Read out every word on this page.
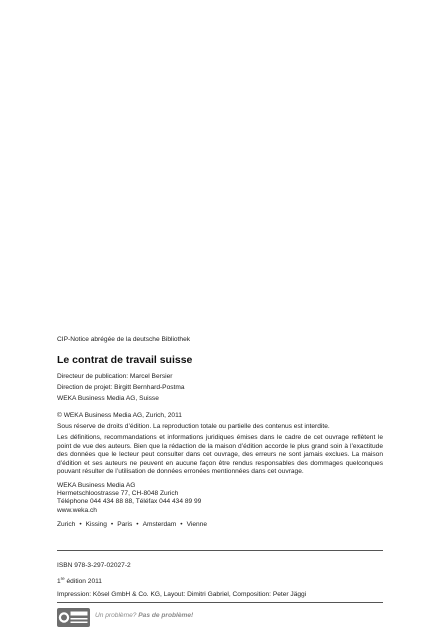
CIP-Notice abrégée de la deutsche Bibliothek

Le contrat de travail suisse

Directeur de publication: Marcel Bersier

Direction de projet: Birgitt Bernhard-Postma

WEKA Business Media AG, Suisse

© WEKA Business Media AG, Zurich, 2011

Sous réserve de droits d’édition. La reproduction totale ou partielle des contenus est interdite.

Les définitions, recommandations et informations juridiques émises dans le cadre de cet ouvrage reflètent le point de vue des auteurs. Bien que la rédaction de la maison d’édition accorde le plus grand soin à l’exactitude des données que le lecteur peut consulter dans cet ouvrage, des erreurs ne sont jamais exclues. La maison d’édition et ses auteurs ne peuvent en aucune façon être rendus responsables des dommages quelconques pouvant résulter de l’utilisation de données erronées mentionnées dans cet ouvrage.

WEKA Business Media AG

Hermetschloostrasse 77, CH-8048 Zurich

Téléphone 044 434 88 88, Téléfax 044 434 89 99

www.weka.ch

Zurich • Kissing • Paris • Amsterdam • Vienne

ISBN 978-3-297-02027-2

1re édition 2011

Impression: Kösel GmbH & Co. KG, Layout: Dimitri Gabriel, Composition: Peter Jäggi

Un problème? Pas de problème!
